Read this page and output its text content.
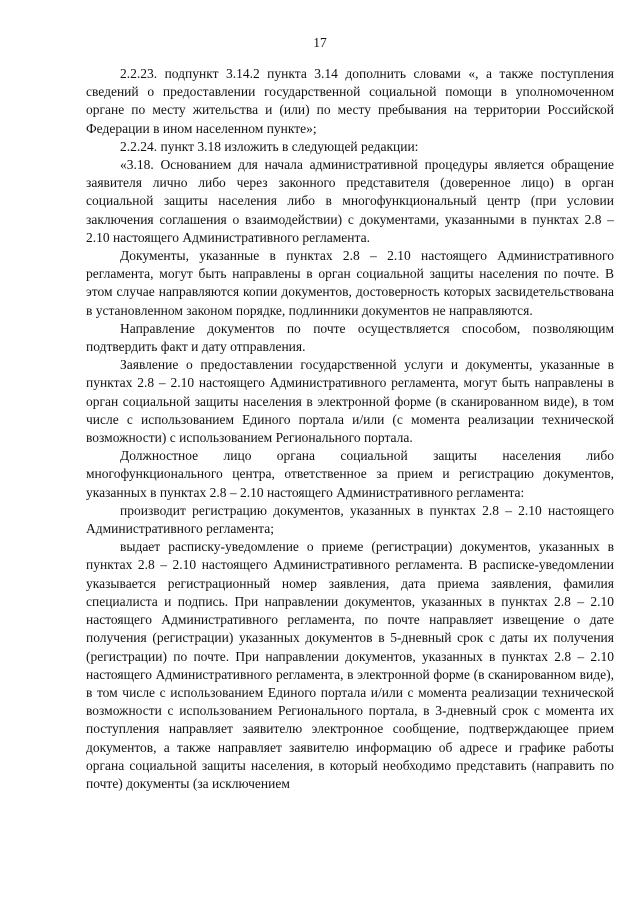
17

2.2.23. подпункт 3.14.2 пункта 3.14 дополнить словами «, а также поступления сведений о предоставлении государственной социальной помощи в уполномоченном органе по месту жительства и (или) по месту пребывания на территории Российской Федерации в ином населенном пункте»;

2.2.24. пункт 3.18 изложить в следующей редакции:

«3.18. Основанием для начала административной процедуры является обращение заявителя лично либо через законного представителя (доверенное лицо) в орган социальной защиты населения либо в многофункциональный центр (при условии заключения соглашения о взаимодействии) с документами, указанными в пунктах 2.8 – 2.10 настоящего Административного регламента.

Документы, указанные в пунктах 2.8 – 2.10 настоящего Административного регламента, могут быть направлены в орган социальной защиты населения по почте. В этом случае направляются копии документов, достоверность которых засвидетельствована в установленном законом порядке, подлинники документов не направляются.

Направление документов по почте осуществляется способом, позволяющим подтвердить факт и дату отправления.

Заявление о предоставлении государственной услуги и документы, указанные в пунктах 2.8 – 2.10 настоящего Административного регламента, могут быть направлены в орган социальной защиты населения в электронной форме (в сканированном виде), в том числе с использованием Единого портала и/или (с момента реализации технической возможности) с использованием Регионального портала.

Должностное лицо органа социальной защиты населения либо многофункционального центра, ответственное за прием и регистрацию документов, указанных в пунктах 2.8 – 2.10 настоящего Административного регламента:

производит регистрацию документов, указанных в пунктах 2.8 – 2.10 настоящего Административного регламента;

выдает расписку-уведомление о приеме (регистрации) документов, указанных в пунктах 2.8 – 2.10 настоящего Административного регламента. В расписке-уведомлении указывается регистрационный номер заявления, дата приема заявления, фамилия специалиста и подпись. При направлении документов, указанных в пунктах 2.8 – 2.10 настоящего Административного регламента, по почте направляет извещение о дате получения (регистрации) указанных документов в 5-дневный срок с даты их получения (регистрации) по почте. При направлении документов, указанных в пунктах 2.8 – 2.10 настоящего Административного регламента, в электронной форме (в сканированном виде), в том числе с использованием Единого портала и/или с момента реализации технической возможности с использованием Регионального портала, в 3-дневный срок с момента их поступления направляет заявителю электронное сообщение, подтверждающее прием документов, а также направляет заявителю информацию об адресе и графике работы органа социальной защиты населения, в который необходимо представить (направить по почте) документы (за исключением
